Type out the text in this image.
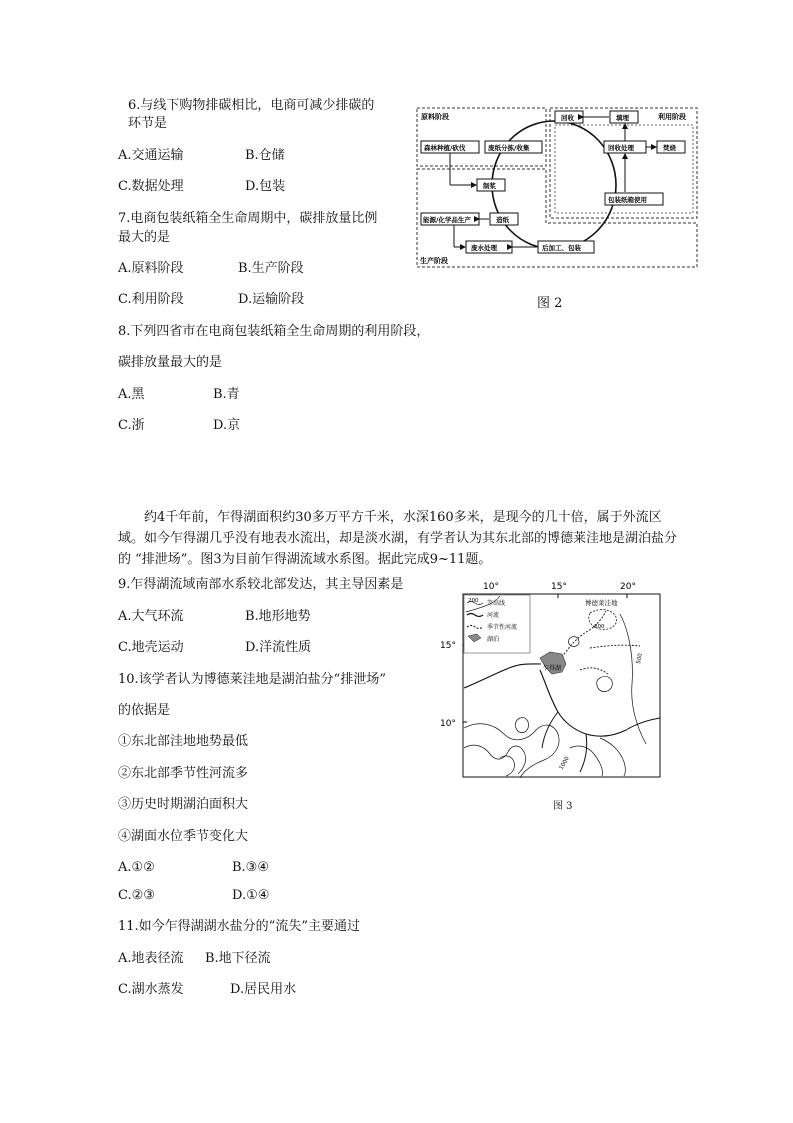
6.与线下购物排碳相比，电商可减少排碳的
环节是
A.交通运输	B.仓储
C.数据处理	D.包装
7.电商包装纸箱全生命周期中，碳排放量比例
最大的是
A.原料阶段	B.生产阶段
C.利用阶段	D.运输阶段
8.下列四省市在电商包装纸箱全生命周期的利用阶段，
碳排放量最大的是
A.黑	B.青
C.浙	D.京
原料阶段	利用阶段
生产阶段
森林种植/砍伐	废纸分拣/收集
回收	填埋
回收处理	焚烧
制浆
包装纸箱使用
造纸
能源/化学品生产
废水处理	后加工、包装
图 2
约4千年前，乍得湖面积约30多万平方千米，水深160多米，是现今的几十倍，属于外流区域。如今乍得湖几乎没有地表水流出，却是淡水湖，有学者认为其东北部的博德莱洼地是湖泊盐分的 “排泄场”。图3为目前乍得湖流域水系图。据此完成9~11题。
9.乍得湖流域南部水系较北部发达，其主导因素是
A.大气环流	B.地形地势
C.地壳运动	D.洋流性质
10.该学者认为博德莱洼地是湖泊盐分“排泄场”
的依据是
①东北部洼地地势最低
②东北部季节性河流多
③历史时期湖泊面积大
④湖面水位季节变化大
A.①②	B.③④
C.②③	D.①④
11.如今乍得湖湖水盐分的“流失”主要通过
A.地表径流 B.地下径流
C.湖水蒸发	D.居民用水
10°	15°	20°
15°
10°
等高线
河流
季节性河流
湖泊
博德莱洼地
200
200
500
1000
乍得湖
图 3
